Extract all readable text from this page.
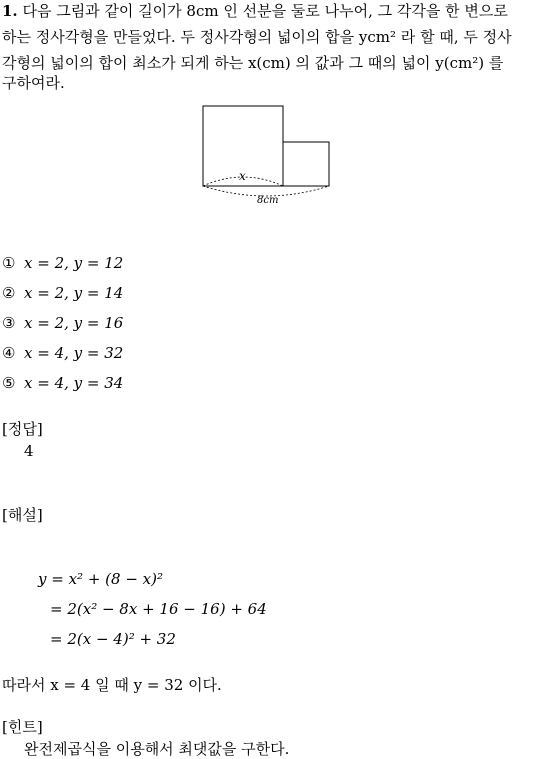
1. 다음 그림과 같이 길이가 8cm 인 선분을 둘로 나누어, 그 각각을 한 변으로
하는 정사각형을 만들었다. 두 정사각형의 넓이의 합을 ycm² 라 할 때, 두 정사
각형의 넓이의 합이 최소가 되게 하는 x(cm) 의 값과 그 때의 넓이 y(cm²) 를
구하여라.
x
8cm
① x = 2, y = 12
② x = 2, y = 14
③ x = 2, y = 16
④ x = 4, y = 32
⑤ x = 4, y = 34
[정답]
4
[해설]
y = x² + (8 − x)²
= 2(x² − 8x + 16 − 16) + 64
= 2(x − 4)² + 32
따라서 x = 4 일 때 y = 32 이다.
[힌트]
완전제곱식을 이용해서 최댓값을 구한다.
